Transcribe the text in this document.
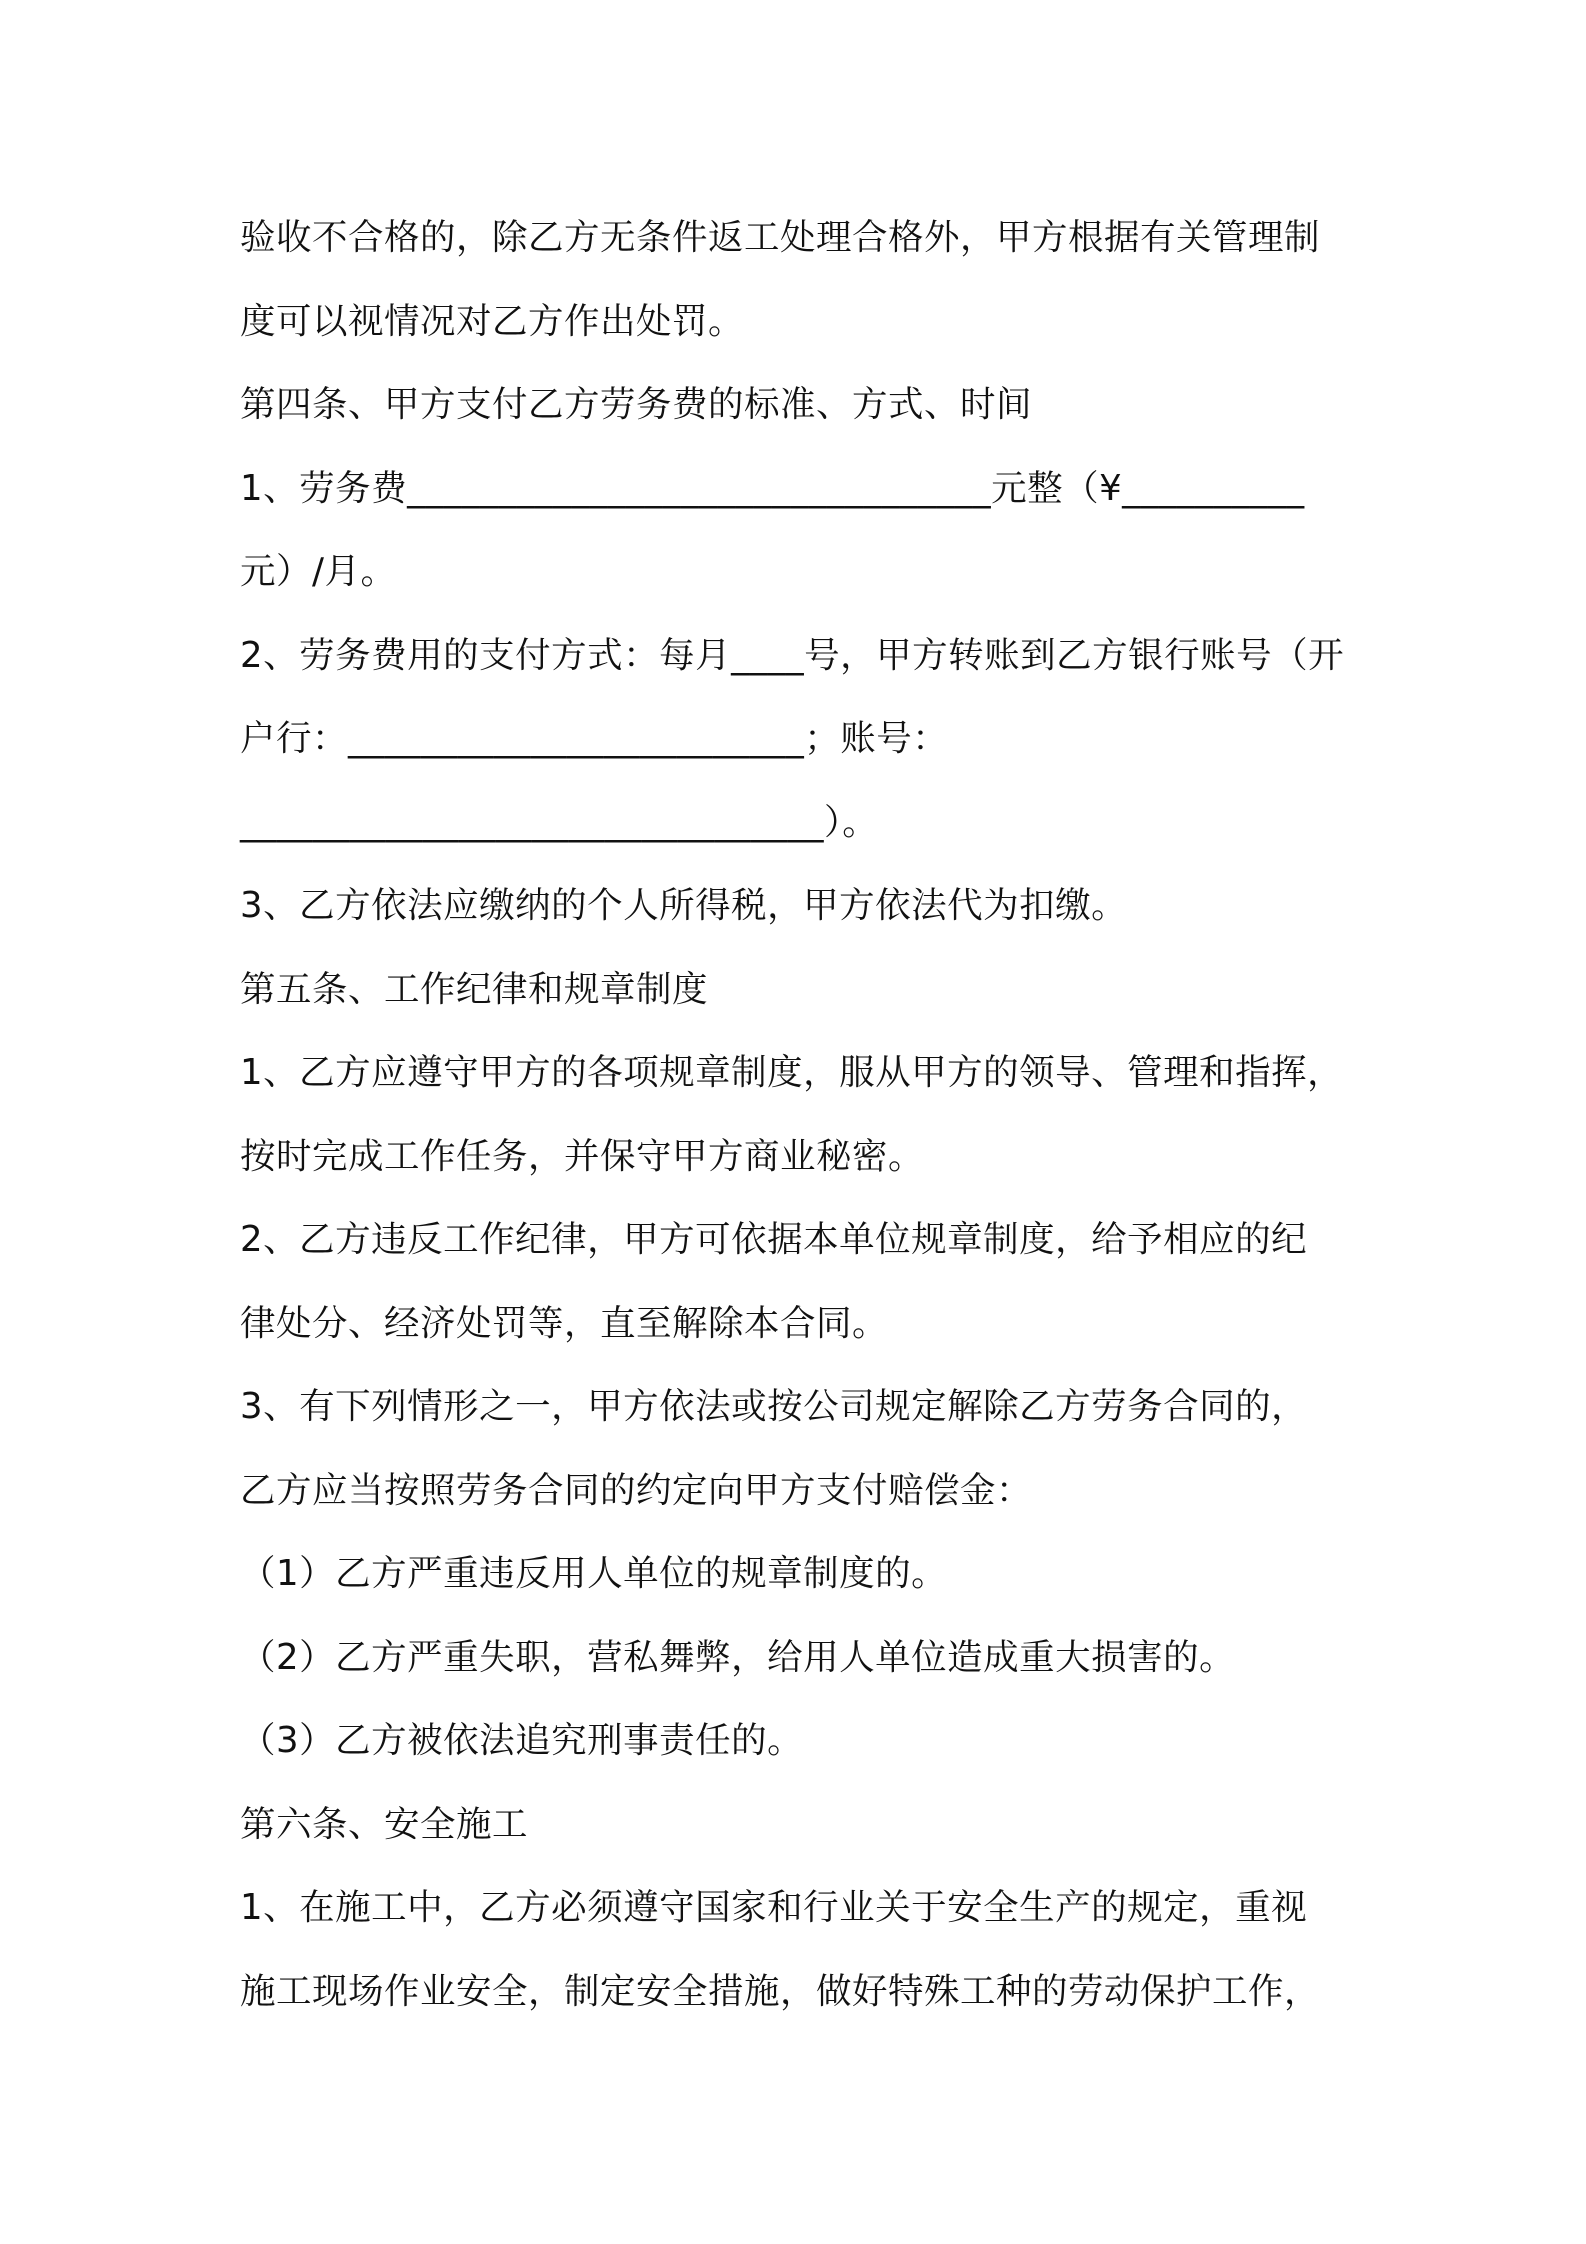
验收不合格的，除乙方无条件返工处理合格外，甲方根据有关管理制
度可以视情况对乙方作出处罚。
第四条、甲方支付乙方劳务费的标准、方式、时间
1、劳务费________________________________元整（¥__________
元）/月。
2、劳务费用的支付方式：每月____号，甲方转账到乙方银行账号（开
户行：_________________________；账号：
________________________________）。
3、乙方依法应缴纳的个人所得税，甲方依法代为扣缴。
第五条、工作纪律和规章制度
1、乙方应遵守甲方的各项规章制度，服从甲方的领导、管理和指挥，
按时完成工作任务，并保守甲方商业秘密。
2、乙方违反工作纪律，甲方可依据本单位规章制度，给予相应的纪
律处分、经济处罚等，直至解除本合同。
3、有下列情形之一，甲方依法或按公司规定解除乙方劳务合同的，
乙方应当按照劳务合同的约定向甲方支付赔偿金：
（1）乙方严重违反用人单位的规章制度的。
（2）乙方严重失职，营私舞弊，给用人单位造成重大损害的。
（3）乙方被依法追究刑事责任的。
第六条、安全施工
1、在施工中，乙方必须遵守国家和行业关于安全生产的规定，重视
施工现场作业安全，制定安全措施，做好特殊工种的劳动保护工作，
